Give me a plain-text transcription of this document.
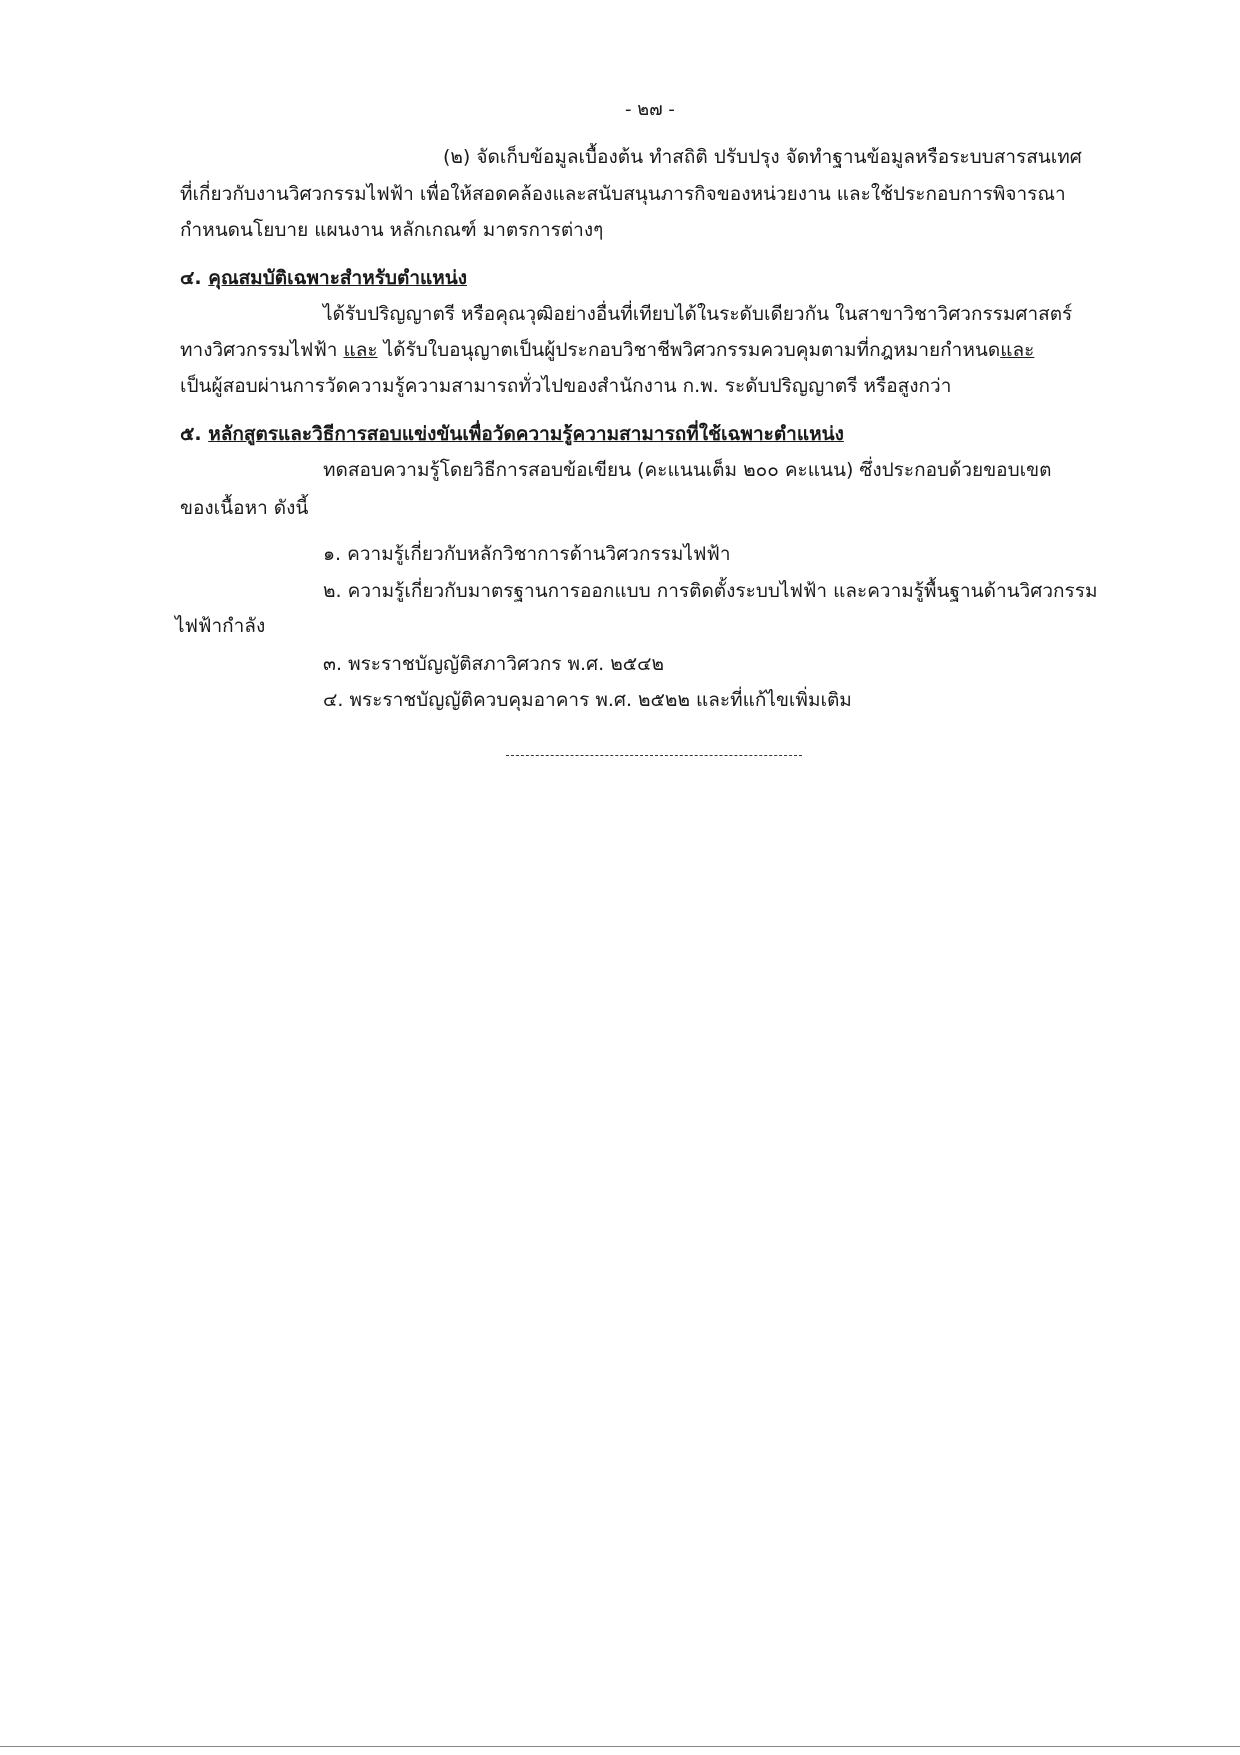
- ๒๗ -
(๒) จัดเก็บข้อมูลเบื้องต้น ทำสถิติ ปรับปรุง จัดทำฐานข้อมูลหรือระบบสารสนเทศ
ที่เกี่ยวกับงานวิศวกรรมไฟฟ้า เพื่อให้สอดคล้องและสนับสนุนภารกิจของหน่วยงาน และใช้ประกอบการพิจารณา
กำหนดนโยบาย แผนงาน หลักเกณฑ์ มาตรการต่างๆ
๔. คุณสมบัติเฉพาะสำหรับตำแหน่ง
ได้รับปริญญาตรี หรือคุณวุฒิอย่างอื่นที่เทียบได้ในระดับเดียวกัน ในสาขาวิชาวิศวกรรมศาสตร์
ทางวิศวกรรมไฟฟ้า และ ได้รับใบอนุญาตเป็นผู้ประกอบวิชาชีพวิศวกรรมควบคุมตามที่กฎหมายกำหนดและ
เป็นผู้สอบผ่านการวัดความรู้ความสามารถทั่วไปของสำนักงาน ก.พ. ระดับปริญญาตรี หรือสูงกว่า
๕. หลักสูตรและวิธีการสอบแข่งขันเพื่อวัดความรู้ความสามารถที่ใช้เฉพาะตำแหน่ง
ทดสอบความรู้โดยวิธีการสอบข้อเขียน (คะแนนเต็ม ๒๐๐ คะแนน) ซึ่งประกอบด้วยขอบเขต
ของเนื้อหา ดังนี้
๑. ความรู้เกี่ยวกับหลักวิชาการด้านวิศวกรรมไฟฟ้า
๒. ความรู้เกี่ยวกับมาตรฐานการออกแบบ การติดตั้งระบบไฟฟ้า และความรู้พื้นฐานด้านวิศวกรรม
ไฟฟ้ากำลัง
๓. พระราชบัญญัติสภาวิศวกร พ.ศ. ๒๕๔๒
๔. พระราชบัญญัติควบคุมอาคาร พ.ศ. ๒๕๒๒ และที่แก้ไขเพิ่มเติม
